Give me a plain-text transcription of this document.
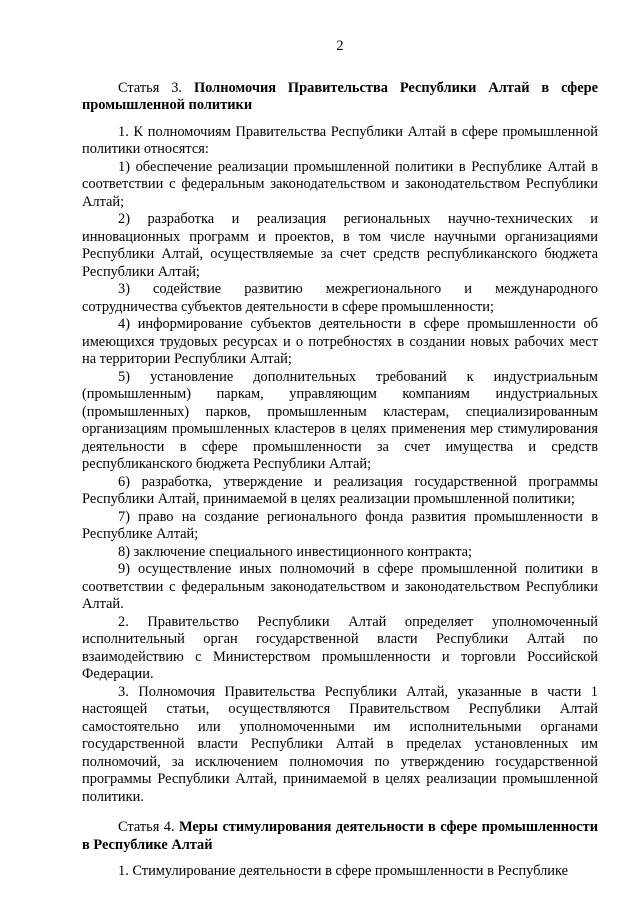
2

Статья 3. Полномочия Правительства Республики Алтай в сфере промышленной политики

1. К полномочиям Правительства Республики Алтай в сфере промышленной политики относятся:

1) обеспечение реализации промышленной политики в Республике Алтай в соответствии с федеральным законодательством и законодательством Республики Алтай;

2) разработка и реализация региональных научно-технических и инновационных программ и проектов, в том числе научными организациями Республики Алтай, осуществляемые за счет средств республиканского бюджета Республики Алтай;

3) содействие развитию межрегионального и международного сотрудничества субъектов деятельности в сфере промышленности;

4) информирование субъектов деятельности в сфере промышленности об имеющихся трудовых ресурсах и о потребностях в создании новых рабочих мест на территории Республики Алтай;

5) установление дополнительных требований к индустриальным (промышленным) паркам, управляющим компаниям индустриальных (промышленных) парков, промышленным кластерам, специализированным организациям промышленных кластеров в целях применения мер стимулирования деятельности в сфере промышленности за счет имущества и средств республиканского бюджета Республики Алтай;

6) разработка, утверждение и реализация государственной программы Республики Алтай, принимаемой в целях реализации промышленной политики;

7) право на создание регионального фонда развития промышленности в Республике Алтай;

8) заключение специального инвестиционного контракта;

9) осуществление иных полномочий в сфере промышленной политики в соответствии с федеральным законодательством и законодательством Республики Алтай.

2. Правительство Республики Алтай определяет уполномоченный исполнительный орган государственной власти Республики Алтай по взаимодействию с Министерством промышленности и торговли Российской Федерации.

3. Полномочия Правительства Республики Алтай, указанные в части 1 настоящей статьи, осуществляются Правительством Республики Алтай самостоятельно или уполномоченными им исполнительными органами государственной власти Республики Алтай в пределах установленных им полномочий, за исключением полномочия по утверждению государственной программы Республики Алтай, принимаемой в целях реализации промышленной политики.

Статья 4. Меры стимулирования деятельности в сфере промышленности в Республике Алтай

1. Стимулирование деятельности в сфере промышленности в Республике
